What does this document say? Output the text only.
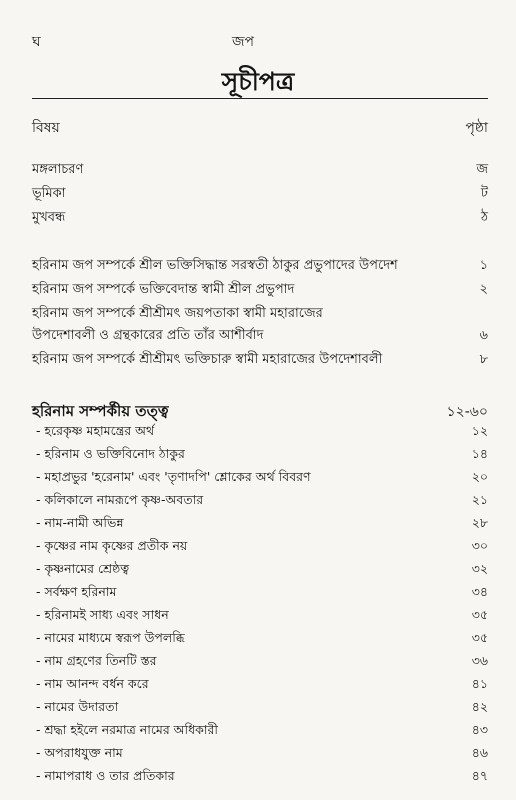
ঘ	জপ
সূচীপত্র
বিষয়	পৃষ্ঠা
মঙ্গলাচরণ	জ
ভূমিকা	ট
মুখবন্ধ	ঠ
হরিনাম জপ সম্পর্কে শ্রীল ভক্তিসিদ্ধান্ত সরস্বতী ঠাকুর প্রভুপাদের উপদেশ	১
হরিনাম জপ সম্পর্কে ভক্তিবেদান্ত স্বামী শ্রীল প্রভুপাদ	২
হরিনাম জপ সম্পর্কে শ্রীশ্রীমৎ জয়পতাকা স্বামী মহারাজের
উপদেশাবলী ও গ্রন্থকারের প্রতি তাঁর আশীর্বাদ	৬
হরিনাম জপ সম্পর্কে শ্রীশ্রীমৎ ভক্তিচারু স্বামী মহারাজের উপদেশাবলী	৮
হরিনাম সম্পর্কীয় তত্ত্ব	১২-৬০
- হরেকৃষ্ণ মহামন্ত্রের অর্থ	১২
- হরিনাম ও ভক্তিবিনোদ ঠাকুর	১৪
- মহাপ্রভুর 'হরেনাম' এবং 'তৃণাদপি' শ্লোকের অর্থ বিবরণ	২০
- কলিকালে নামরূপে কৃষ্ণ-অবতার	২১
- নাম-নামী অভিন্ন	২৮
- কৃষ্ণের নাম কৃষ্ণের প্রতীক নয়	৩০
- কৃষ্ণনামের শ্রেষ্ঠত্ব	৩২
- সর্বক্ষণ হরিনাম	৩৪
- হরিনামই সাধ্য এবং সাধন	৩৫
- নামের মাধ্যমে স্বরূপ উপলব্ধি	৩৫
- নাম গ্রহণের তিনটি স্তর	৩৬
- নাম আনন্দ বর্ধন করে	৪১
- নামের উদারতা	৪২
- শ্রদ্ধা হইলে নরমাত্র নামের অধিকারী	৪৩
- অপরাধযুক্ত নাম	৪৬
- নামাপরাধ ও তার প্রতিকার	৪৭
